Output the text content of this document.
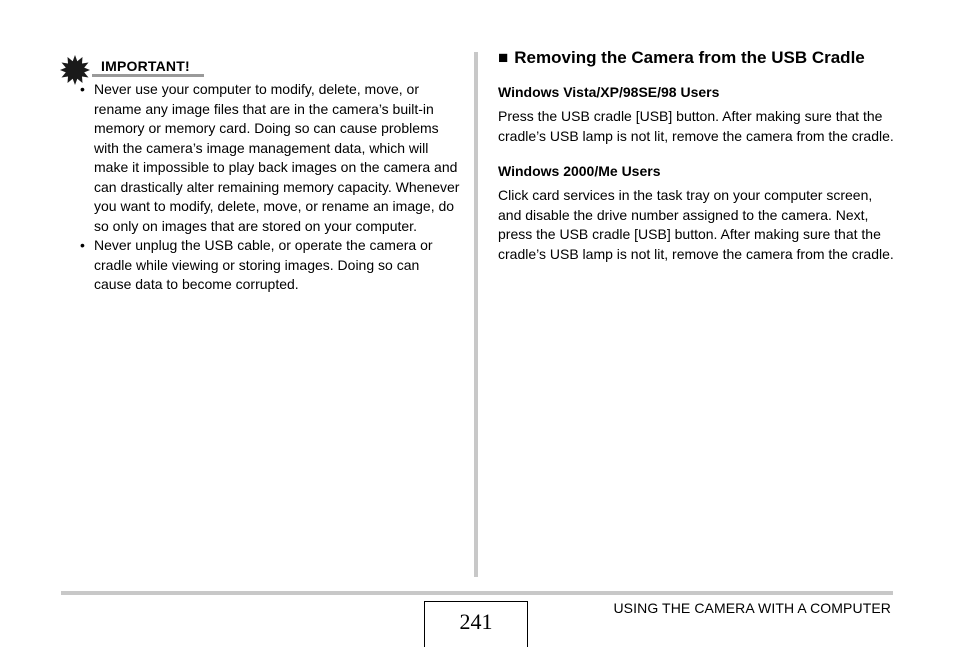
IMPORTANT!
• Never use your computer to modify, delete, move, or rename any image files that are in the camera’s built-in memory or memory card. Doing so can cause problems with the camera’s image management data, which will make it impossible to play back images on the camera and can drastically alter remaining memory capacity. Whenever you want to modify, delete, move, or rename an image, do so only on images that are stored on your computer.
• Never unplug the USB cable, or operate the camera or cradle while viewing or storing images. Doing so can cause data to become corrupted.
■ Removing the Camera from the USB Cradle
Windows Vista/XP/98SE/98 Users

Press the USB cradle [USB] button. After making sure that the cradle’s USB lamp is not lit, remove the camera from the cradle.

Windows 2000/Me Users

Click card services in the task tray on your computer screen, and disable the drive number assigned to the camera. Next, press the USB cradle [USB] button. After making sure that the cradle’s USB lamp is not lit, remove the camera from the cradle.

241
USING THE CAMERA WITH A COMPUTER
